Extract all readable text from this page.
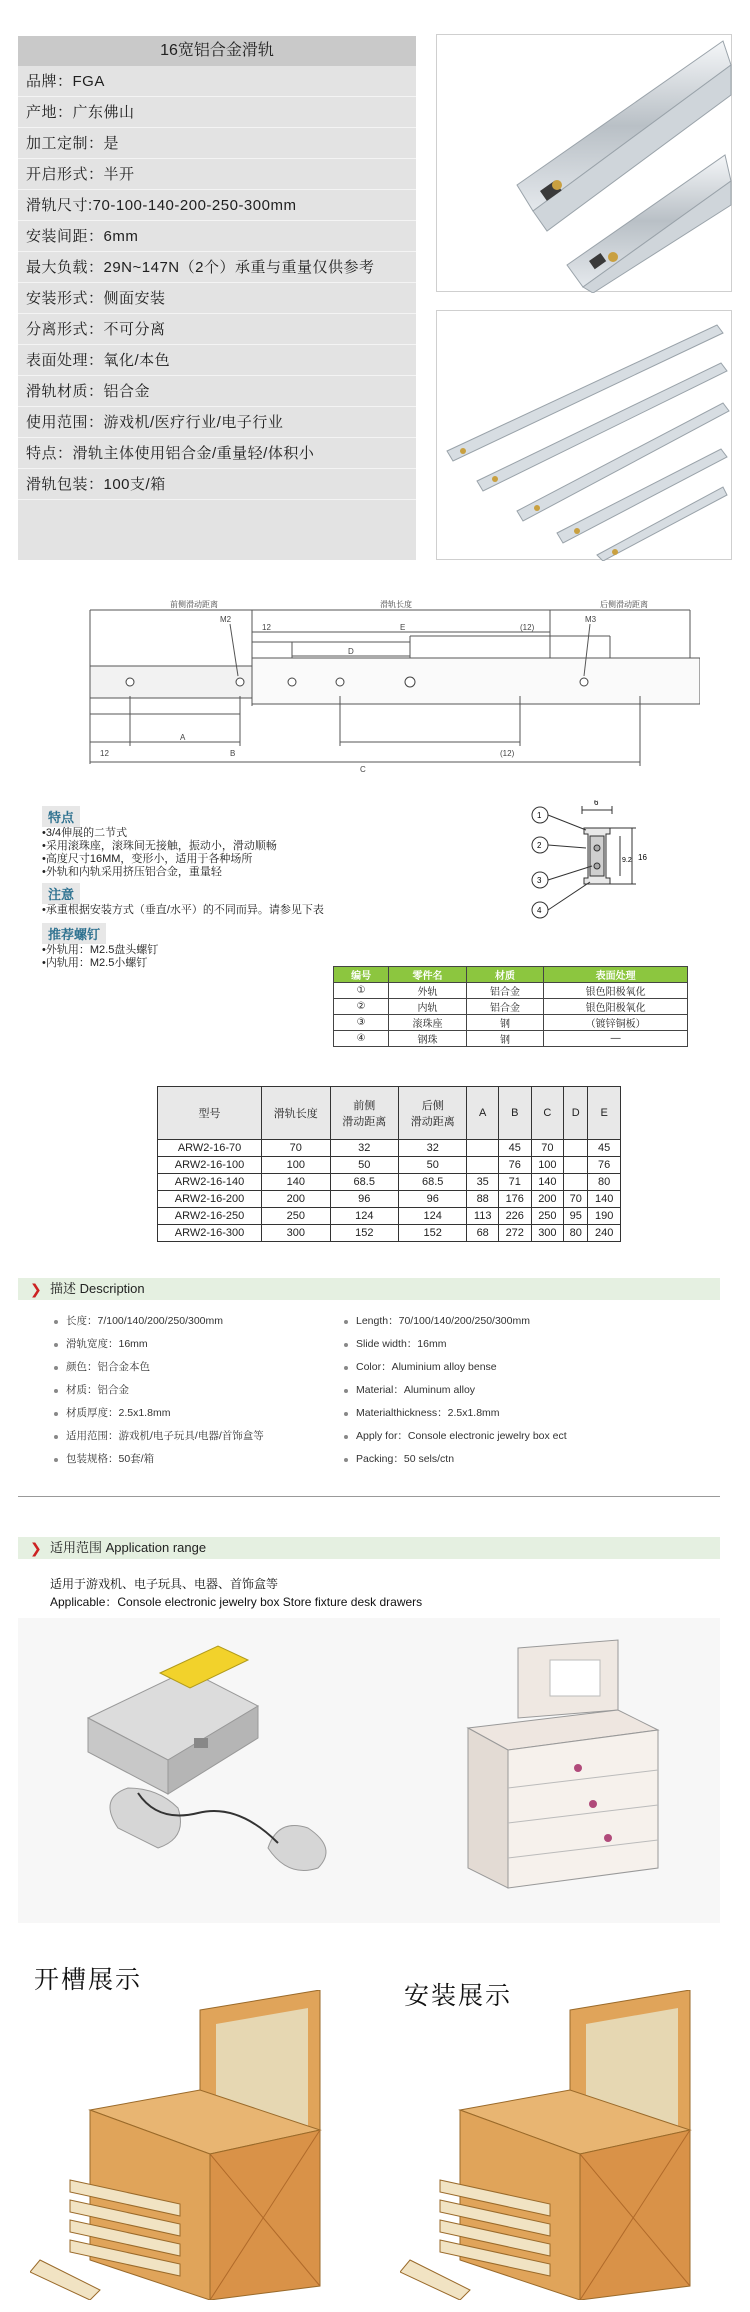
16宽铝合金滑轨
品牌：FGA
产地：广东佛山
加工定制：是
开启形式：半开
滑轨尺寸:70-100-140-200-250-300mm
安装间距：6mm
最大负载：29N~147N（2个）承重与重量仅供参考
安装形式：侧面安装
分离形式：不可分离
表面处理：氧化/本色
滑轨材质：铝合金
使用范围：游戏机/医疗行业/电子行业
特点：滑轨主体使用铝合金/重量轻/体积小
滑轨包装：100支/箱
前侧滑动距离	滑轨长度	后侧滑动距离
M2	M3
12	(12)
E
D
A
12	B	(12)
C
特点
•3/4伸展的二节式
•采用滚珠座，滚珠间无接触，振动小，滑动顺畅
•高度尺寸16MM，变形小，适用于各种场所
•外轨和内轨采用挤压铝合金，重量轻
注意
•承重根据安装方式（垂直/水平）的不同而异。请参见下表
推荐螺钉
•外轨用：M2.5盘头螺钉
•内轨用：M2.5小螺钉
6
16
9.2
1
2
3
4
编号	零件名	材质	表面处理
①	外轨	铝合金	银色阳极氧化
②	内轨	铝合金	银色阳极氧化
③	滚珠座	钢	（镀锌铜板）
④	钢珠	钢	—
型号	滑轨长度	前侧
滑动距离	后侧
滑动距离	A	B	C	D	E
ARW2-16-70	70	32	32		45	70		45
ARW2-16-100	100	50	50		76	100		76
ARW2-16-140	140	68.5	68.5	35	71	140		80
ARW2-16-200	200	96	96	88	176	200	70	140
ARW2-16-250	250	124	124	113	226	250	95	190
ARW2-16-300	300	152	152	68	272	300	80	240
❯ 描述 Description
长度：7/100/140/200/250/300mm
滑轨宽度：16mm
颜色：铝合金本色
材质：铝合金
材质厚度：2.5x1.8mm
适用范围：游戏机/电子玩具/电器/首饰盒等
包装规格：50套/箱
Length：70/100/140/200/250/300mm
Slide width：16mm
Color：Aluminium alloy bense
Material：Aluminum alloy
Materialthickness：2.5x1.8mm
Apply for：Console electronic jewelry box ect
Packing：50 sels/ctn
❯ 适用范围 Application range
适用于游戏机、电子玩具、电器、首饰盒等
Applicable：Console electronic jewelry box Store fixture desk drawers
开槽展示
安装展示
